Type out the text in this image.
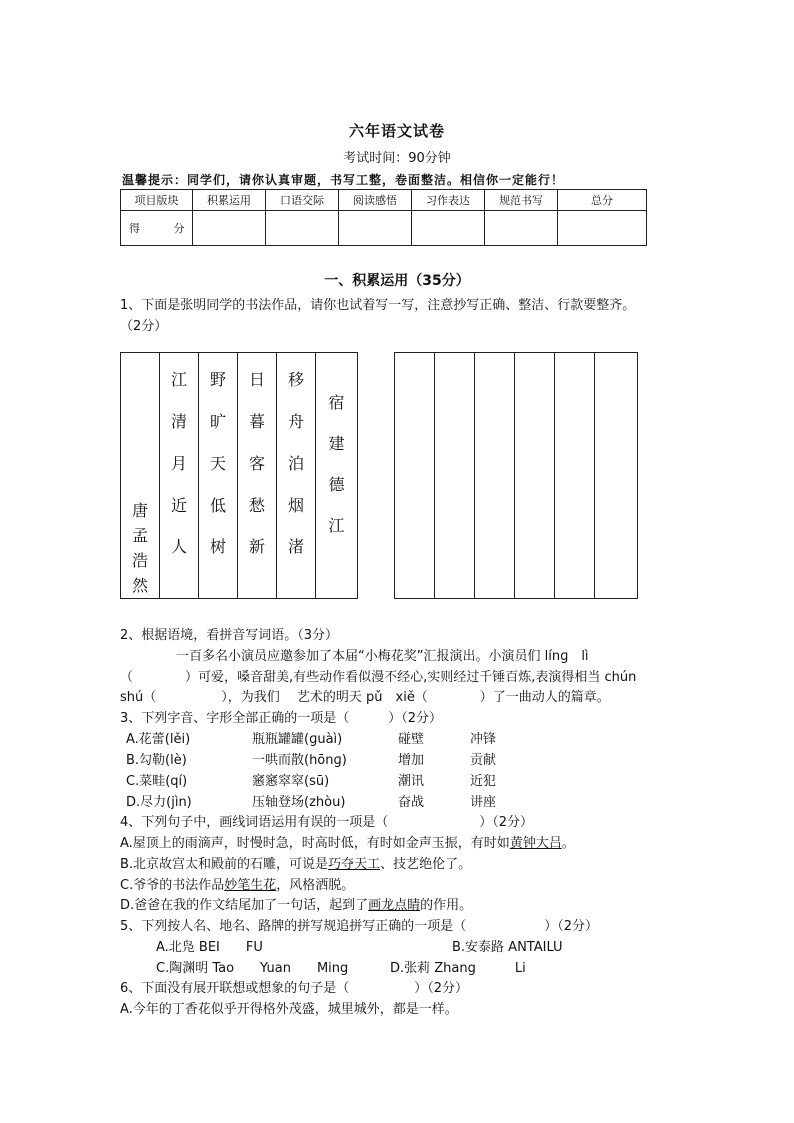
六年语文试卷
考试时间：90分钟
温馨提示：同学们，请你认真审题，书写工整，卷面整洁。相信你一定能行！
项目版块	积累运用	口语交际	阅读感悟	习作表达	规范书写	总分
得 分						
一、积累运用（35分）
1、下面是张明同学的书法作品，请你也试着写一写，注意抄写正确、整洁、行款要整齐。
（2分）
唐
孟
浩
然
江
清
月
近
人
野
旷
天
低
树
日
暮
客
愁
新
移
舟
泊
烟
渚
宿
建
德
江
2、根据语境，看拼音写词语。（3分）
一百多名小演员应邀参加了本届“小梅花奖”汇报演出。小演员们 línɡ　lì
（　　　　）可爱，嗓音甜美,有些动作看似漫不经心,实则经过千锤百炼,表演得相当 chún
shú（　　　　　），为我们　 艺术的明天 pǔ　xiě（　　　　）了一曲动人的篇章。
3、下列字音、字形全部正确的一项是（　　　）（2分）
A.花蕾(lěi)	瓶瓶罐罐(ɡuàì)	碰壁	冲锋
B.勾勒(lè)	一哄而散(hōnɡ)	增加	贡献
C.菜畦(qí)	窸窸窣窣(sū)	潮讯	近犯
D.尽力(jìn)	压轴登场(zhòu)	奋战	讲座
4、下列句子中，画线词语运用有误的一项是（　　　　　　　）（2分）
A.屋顶上的雨滴声，时慢时急，时高时低，有时如金声玉振，有时如黄钟大吕。
B.北京故宫太和殿前的石雕，可说是巧夺天工、技艺绝伦了。
C.爷爷的书法作品妙笔生花，风格洒脱。
D.爸爸在我的作文结尾加了一句话，起到了画龙点睛的作用。
5、下列按人名、地名、路牌的拼写规追拼写正确的一项是（　　　　　　）（2分）
A.北凫 BEI　　FU	B.安泰路 ANTAILU
C.陶渊明 Tao　　Yuan　　Ming	D.张莉 Zhang　　　Li
6、下面没有展开联想或想象的句子是（　　　　　）（2分）
A.今年的丁香花似乎开得格外茂盛，城里城外，都是一样。
